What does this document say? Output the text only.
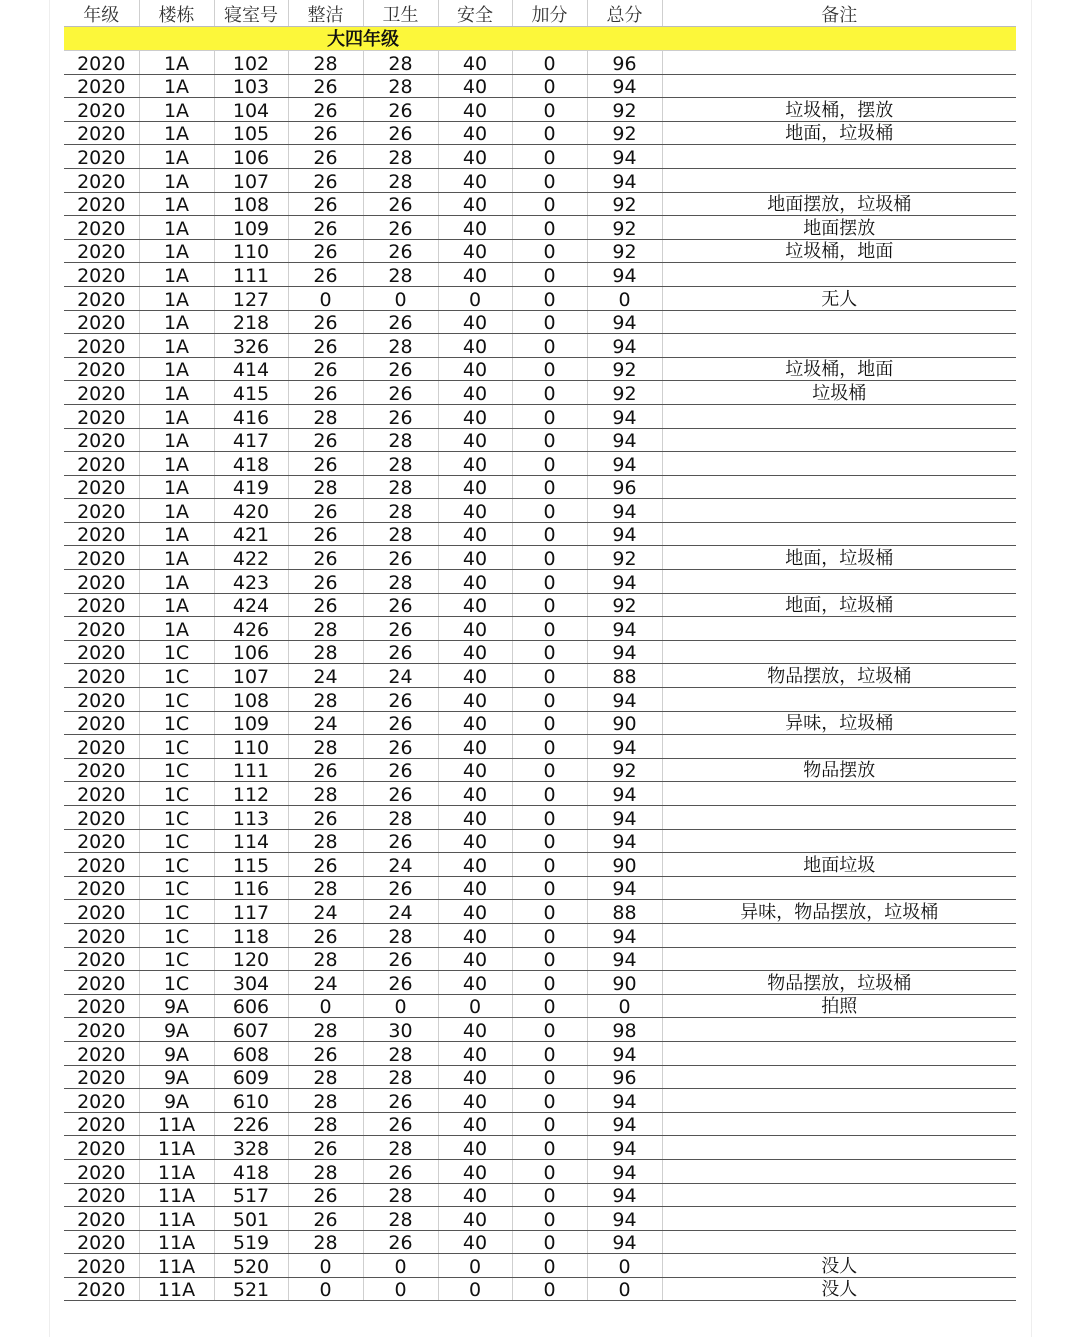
年级	楼栋	寝室号	整洁	卫生	安全	加分	总分	备注
大四年级								
2020	1A	102	28	28	40	0	96	
2020	1A	103	26	28	40	0	94	
2020	1A	104	26	26	40	0	92	垃圾桶，摆放
2020	1A	105	26	26	40	0	92	地面，垃圾桶
2020	1A	106	26	28	40	0	94	
2020	1A	107	26	28	40	0	94	
2020	1A	108	26	26	40	0	92	地面摆放，垃圾桶
2020	1A	109	26	26	40	0	92	地面摆放
2020	1A	110	26	26	40	0	92	垃圾桶，地面
2020	1A	111	26	28	40	0	94	
2020	1A	127	0	0	0	0	0	无人
2020	1A	218	26	26	40	0	94	
2020	1A	326	26	28	40	0	94	
2020	1A	414	26	26	40	0	92	垃圾桶，地面
2020	1A	415	26	26	40	0	92	垃圾桶
2020	1A	416	28	26	40	0	94	
2020	1A	417	26	28	40	0	94	
2020	1A	418	26	28	40	0	94	
2020	1A	419	28	28	40	0	96	
2020	1A	420	26	28	40	0	94	
2020	1A	421	26	28	40	0	94	
2020	1A	422	26	26	40	0	92	地面，垃圾桶
2020	1A	423	26	28	40	0	94	
2020	1A	424	26	26	40	0	92	地面，垃圾桶
2020	1A	426	28	26	40	0	94	
2020	1C	106	28	26	40	0	94	
2020	1C	107	24	24	40	0	88	物品摆放，垃圾桶
2020	1C	108	28	26	40	0	94	
2020	1C	109	24	26	40	0	90	异味，垃圾桶
2020	1C	110	28	26	40	0	94	
2020	1C	111	26	26	40	0	92	物品摆放
2020	1C	112	28	26	40	0	94	
2020	1C	113	26	28	40	0	94	
2020	1C	114	28	26	40	0	94	
2020	1C	115	26	24	40	0	90	地面垃圾
2020	1C	116	28	26	40	0	94	
2020	1C	117	24	24	40	0	88	异味，物品摆放，垃圾桶
2020	1C	118	26	28	40	0	94	
2020	1C	120	28	26	40	0	94	
2020	1C	304	24	26	40	0	90	物品摆放，垃圾桶
2020	9A	606	0	0	0	0	0	拍照
2020	9A	607	28	30	40	0	98	
2020	9A	608	26	28	40	0	94	
2020	9A	609	28	28	40	0	96	
2020	9A	610	28	26	40	0	94	
2020	11A	226	28	26	40	0	94	
2020	11A	328	26	28	40	0	94	
2020	11A	418	28	26	40	0	94	
2020	11A	517	26	28	40	0	94	
2020	11A	501	26	28	40	0	94	
2020	11A	519	28	26	40	0	94	
2020	11A	520	0	0	0	0	0	没人
2020	11A	521	0	0	0	0	0	没人
